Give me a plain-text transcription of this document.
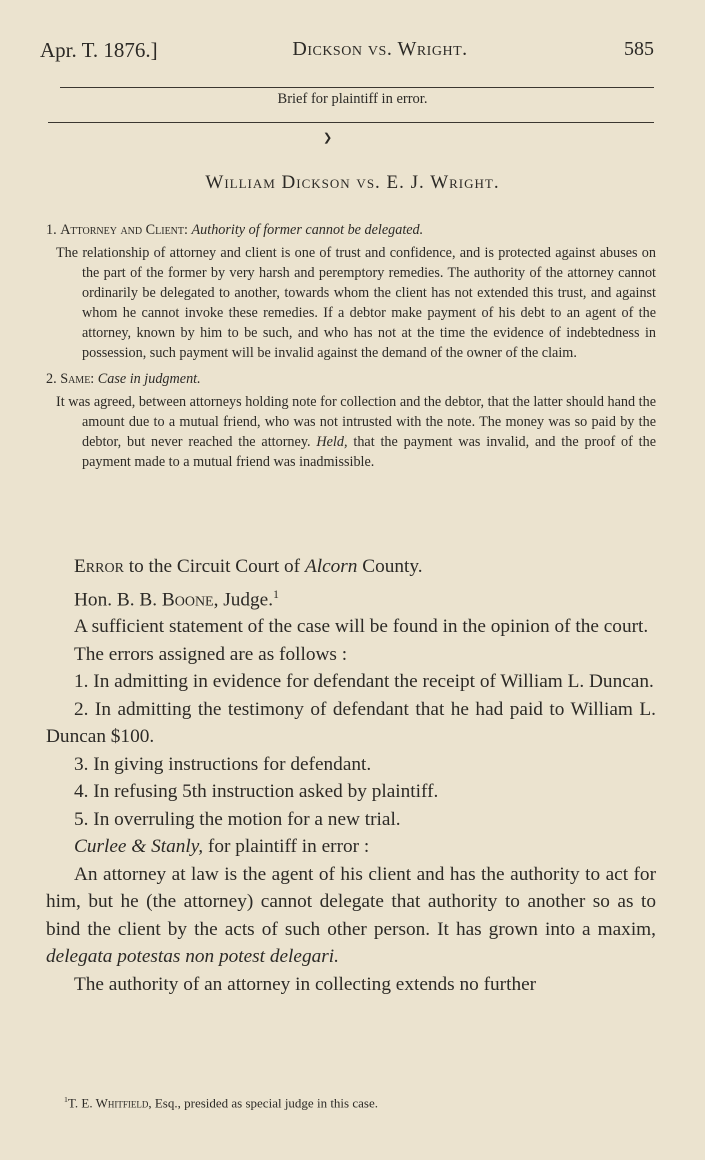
Apr. T. 1876.]	Dickson vs. Wright.	585
Brief for plaintiff in error.
❯
William Dickson vs. E. J. Wright.

1. Attorney and Client: Authority of former cannot be delegated.

The relationship of attorney and client is one of trust and confidence, and is protected against abuses on the part of the former by very harsh and peremptory remedies. The authority of the attorney cannot ordinarily be delegated to another, towards whom the client has not extended this trust, and against whom he cannot invoke these remedies. If a debtor make payment of his debt to an agent of the attorney, known by him to be such, and who has not at the time the evidence of indebtedness in possession, such payment will be invalid against the demand of the owner of the claim.

2. Same: Case in judgment.

It was agreed, between attorneys holding note for collection and the debtor, that the latter should hand the amount due to a mutual friend, who was not intrusted with the note. The money was so paid by the debtor, but never reached the attorney. Held, that the payment was invalid, and the proof of the payment made to a mutual friend was inadmissible.

Error to the Circuit Court of Alcorn County.

Hon. B. B. Boone, Judge.$^1$

A sufficient statement of the case will be found in the opinion of the court.

The errors assigned are as follows :

1. In admitting in evidence for defendant the receipt of William L. Duncan.

2. In admitting the testimony of defendant that he had paid to William L. Duncan $100.

3. In giving instructions for defendant.

4. In refusing 5th instruction asked by plaintiff.

5. In overruling the motion for a new trial.

Curlee & Stanly, for plaintiff in error :

An attorney at law is the agent of his client and has the authority to act for him, but he (the attorney) cannot delegate that authority to another so as to bind the client by the acts of such other person. It has grown into a maxim, delegata potestas non potest delegari.

The authority of an attorney in collecting extends no further

$^1$T. E. Whitfield, Esq., presided as special judge in this case.
